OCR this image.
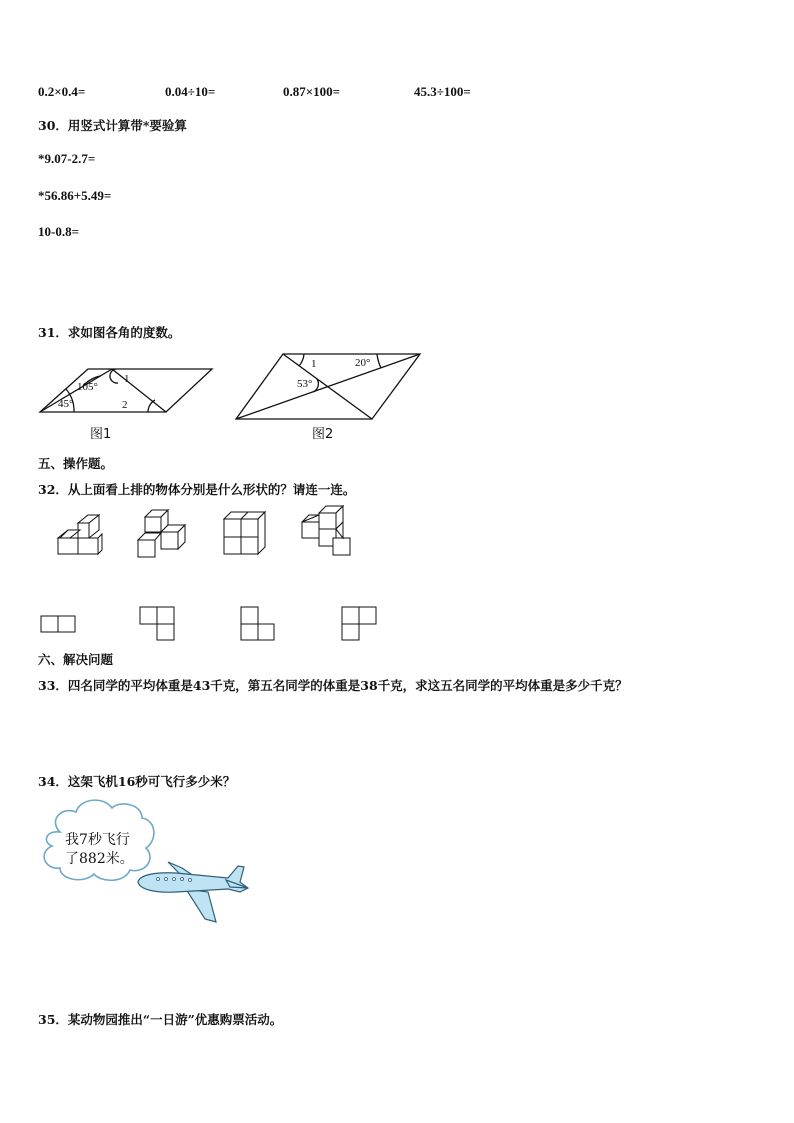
0.2×0.4=	0.04÷10=	0.87×100=	45.3÷100=
30．用竖式计算带*要验算
*9.07-2.7=
*56.86+5.49=
10-0.8=
31．求如图各角的度数。
105°
45°
1
2
图1
1	20°
53°
图2
五、操作题。
32．从上面看上排的物体分别是什么形状的？请连一连。
六、解决问题
33．四名同学的平均体重是43千克，第五名同学的体重是38千克，求这五名同学的平均体重是多少千克？
34．这架飞机16秒可飞行多少米？
我7秒飞行
了882米。
35．某动物园推出“一日游”优惠购票活动。
